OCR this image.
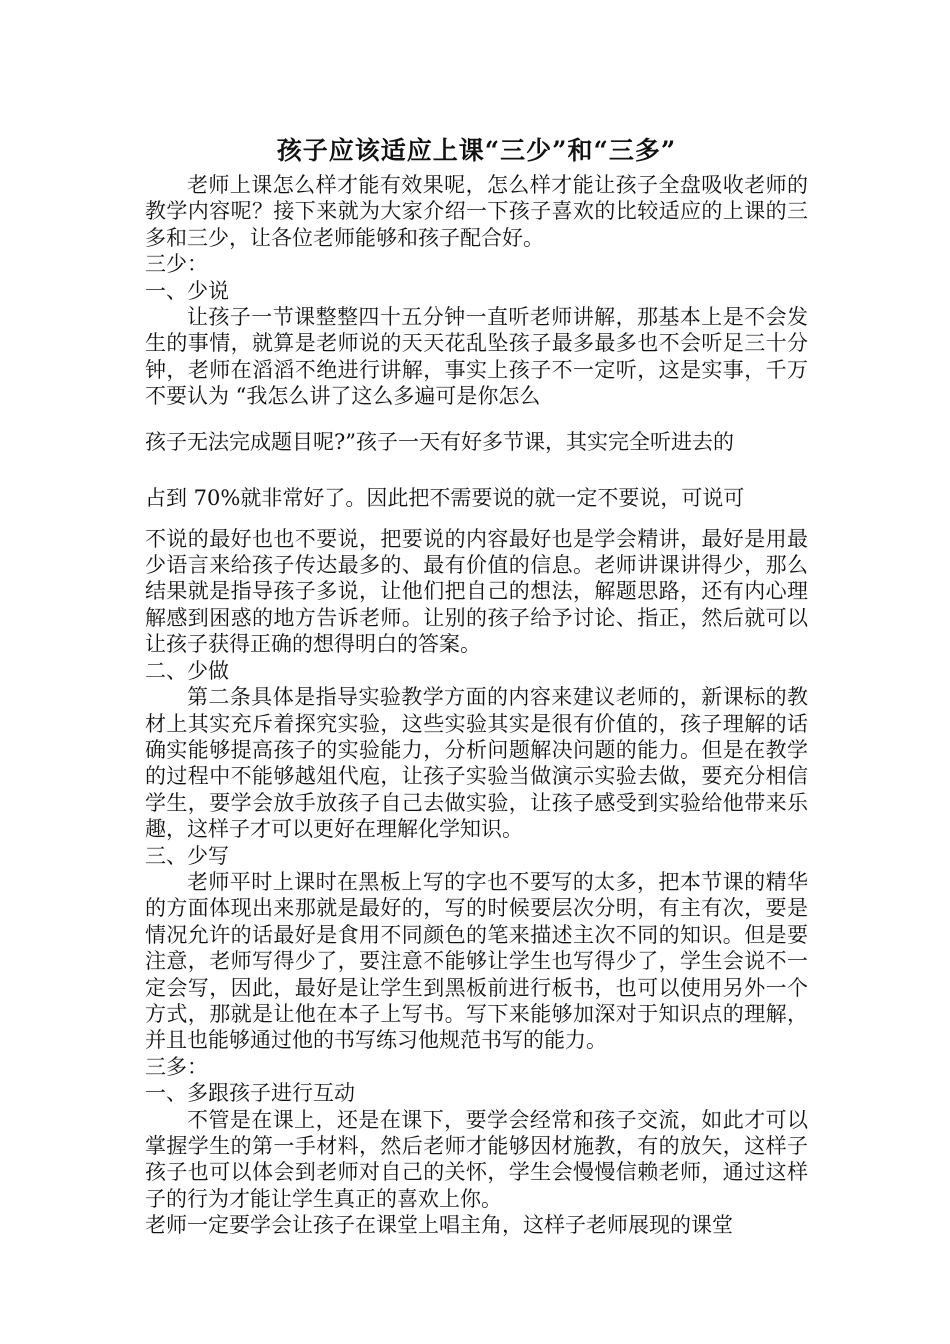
孩子应该适应上课“三少”和“三多”

老师上课怎么样才能有效果呢，怎么样才能让孩子全盘吸收老师的教学内容呢？接下来就为大家介绍一下孩子喜欢的比较适应的上课的三多和三少，让各位老师能够和孩子配合好。

三少：
一、少说

让孩子一节课整整四十五分钟一直听老师讲解，那基本上是不会发生的事情，就算是老师说的天天花乱坠孩子最多最多也不会听足三十分钟，老师在滔滔不绝进行讲解，事实上孩子不一定听，这是实事，千万不要认为 “我怎么讲了这么多遍可是你怎么

孩子无法完成题目呢?”孩子一天有好多节课，其实完全听进去的

占到 70%就非常好了。因此把不需要说的就一定不要说，可说可

不说的最好也也不要说，把要说的内容最好也是学会精讲，最好是用最少语言来给孩子传达最多的、最有价值的信息。老师讲课讲得少，那么结果就是指导孩子多说，让他们把自己的想法，解题思路，还有内心理解感到困惑的地方告诉老师。让别的孩子给予讨论、指正，然后就可以让孩子获得正确的想得明白的答案。

二、少做

第二条具体是指导实验教学方面的内容来建议老师的，新课标的教材上其实充斥着探究实验，这些实验其实是很有价值的，孩子理解的话确实能够提高孩子的实验能力，分析问题解决问题的能力。但是在教学的过程中不能够越俎代庖，让孩子实验当做演示实验去做，要充分相信学生，要学会放手放孩子自己去做实验，让孩子感受到实验给他带来乐趣，这样子才可以更好在理解化学知识。

三、少写

老师平时上课时在黑板上写的字也不要写的太多，把本节课的精华的方面体现出来那就是最好的，写的时候要层次分明，有主有次，要是情况允许的话最好是食用不同颜色的笔来描述主次不同的知识。但是要注意，老师写得少了，要注意不能够让学生也写得少了，学生会说不一定会写，因此，最好是让学生到黑板前进行板书，也可以使用另外一个方式，那就是让他在本子上写书。写下来能够加深对于知识点的理解，并且也能够通过他的书写练习他规范书写的能力。

三多：
一、多跟孩子进行互动

不管是在课上，还是在课下，要学会经常和孩子交流，如此才可以掌握学生的第一手材料，然后老师才能够因材施教，有的放矢，这样子孩子也可以体会到老师对自己的关怀，学生会慢慢信赖老师，通过这样子的行为才能让学生真正的喜欢上你。

老师一定要学会让孩子在课堂上唱主角，这样子老师展现的课堂
